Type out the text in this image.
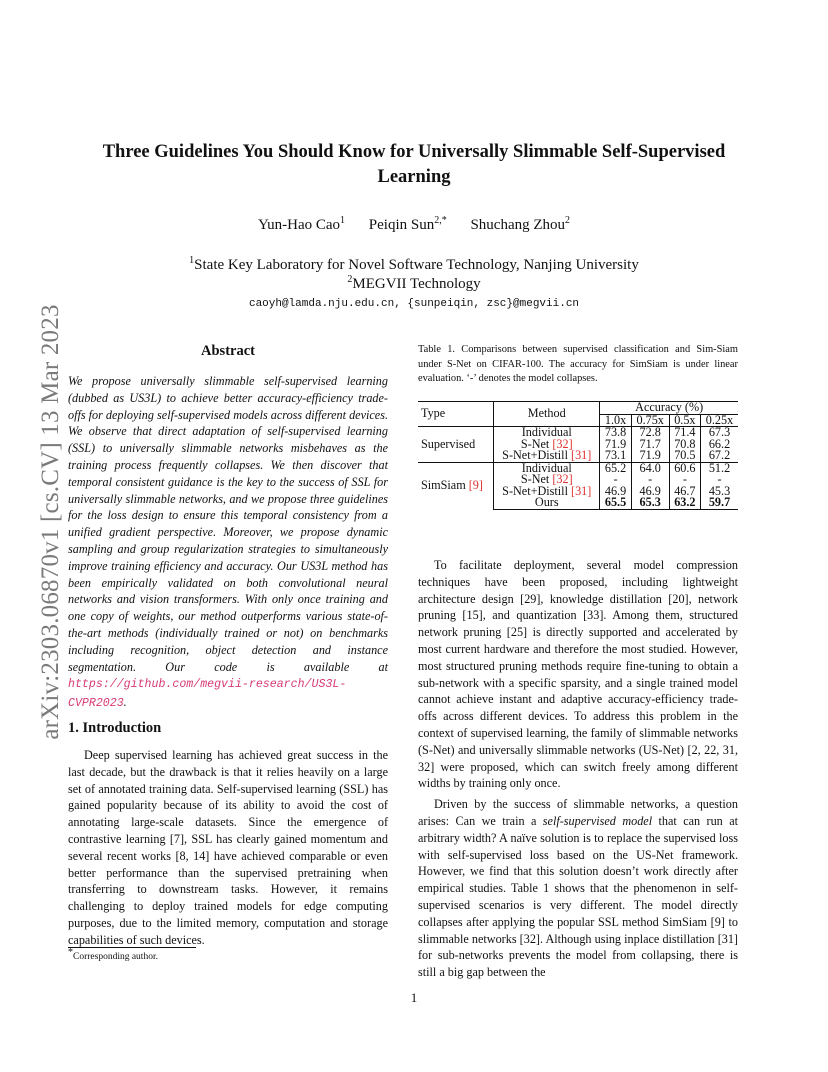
arXiv:2303.06870v1 [cs.CV] 13 Mar 2023
Three Guidelines You Should Know for Universally Slimmable Self-Supervised
Learning
Yun-Hao Cao$^1$ Peiqin Sun$^{2,*}$ Shuchang Zhou$^2$
$^1$State Key Laboratory for Novel Software Technology, Nanjing University
$^2$MEGVII Technology
caoyh@lamda.nju.edu.cn, {sunpeiqin, zsc}@megvii.cn
Abstract
We propose universally slimmable self-supervised learning (dubbed as US3L) to achieve better accuracy-efficiency trade-offs for deploying self-supervised models across different devices. We observe that direct adaptation of self-supervised learning (SSL) to universally slimmable networks misbehaves as the training process frequently collapses. We then discover that temporal consistent guidance is the key to the success of SSL for universally slimmable networks, and we propose three guidelines for the loss design to ensure this temporal consistency from a unified gradient perspective. Moreover, we propose dynamic sampling and group regularization strategies to simultaneously improve training efficiency and accuracy. Our US3L method has been empirically validated on both convolutional neural networks and vision transformers. With only once training and one copy of weights, our method outperforms various state-of-the-art methods (individually trained or not) on benchmarks including recognition, object detection and instance segmentation. Our code is available at https://github.com/megvii-research/US3L-CVPR2023.
1. Introduction
Deep supervised learning has achieved great success in the last decade, but the drawback is that it relies heavily on a large set of annotated training data. Self-supervised learning (SSL) has gained popularity because of its ability to avoid the cost of annotating large-scale datasets. Since the emergence of contrastive learning [7], SSL has clearly gained momentum and several recent works [8, 14] have achieved comparable or even better performance than the supervised pretraining when transferring to downstream tasks. However, it remains challenging to deploy trained models for edge computing purposes, due to the limited memory, computation and storage capabilities of such devices.
*Corresponding author.
Table 1. Comparisons between supervised classification and Sim-Siam under S-Net on CIFAR-100. The accuracy for SimSiam is under linear evaluation. ‘-’ denotes the model collapses.
Type	Method	Accuracy (%)			
		1.0x	0.75x	0.5x	0.25x
Supervised	Individual	73.8	72.8	71.4	67.3
	S-Net [32]	71.9	71.7	70.8	66.2
	S-Net+Distill [31]	73.1	71.9	70.5	67.2
SimSiam [9]	Individual	65.2	64.0	60.6	51.2
	S-Net [32]	-	-	-	-
	S-Net+Distill [31]	46.9	46.9	46.7	45.3
	Ours	65.5	65.3	63.2	59.7

To facilitate deployment, several model compression techniques have been proposed, including lightweight architecture design [29], knowledge distillation [20], network pruning [15], and quantization [33]. Among them, structured network pruning [25] is directly supported and accelerated by most current hardware and therefore the most studied. However, most structured pruning methods require fine-tuning to obtain a sub-network with a specific sparsity, and a single trained model cannot achieve instant and adaptive accuracy-efficiency trade-offs across different devices. To address this problem in the context of supervised learning, the family of slimmable networks (S-Net) and universally slimmable networks (US-Net) [2, 22, 31, 32] were proposed, which can switch freely among different widths by training only once.

Driven by the success of slimmable networks, a question arises: Can we train a self-supervised model that can run at arbitrary width? A naïve solution is to replace the supervised loss with self-supervised loss based on the US-Net framework. However, we find that this solution doesn’t work directly after empirical studies. Table 1 shows that the phenomenon in self-supervised scenarios is very different. The model directly collapses after applying the popular SSL method SimSiam [9] to slimmable networks [32]. Although using inplace distillation [31] for sub-networks prevents the model from collapsing, there is still a big gap between the

1
